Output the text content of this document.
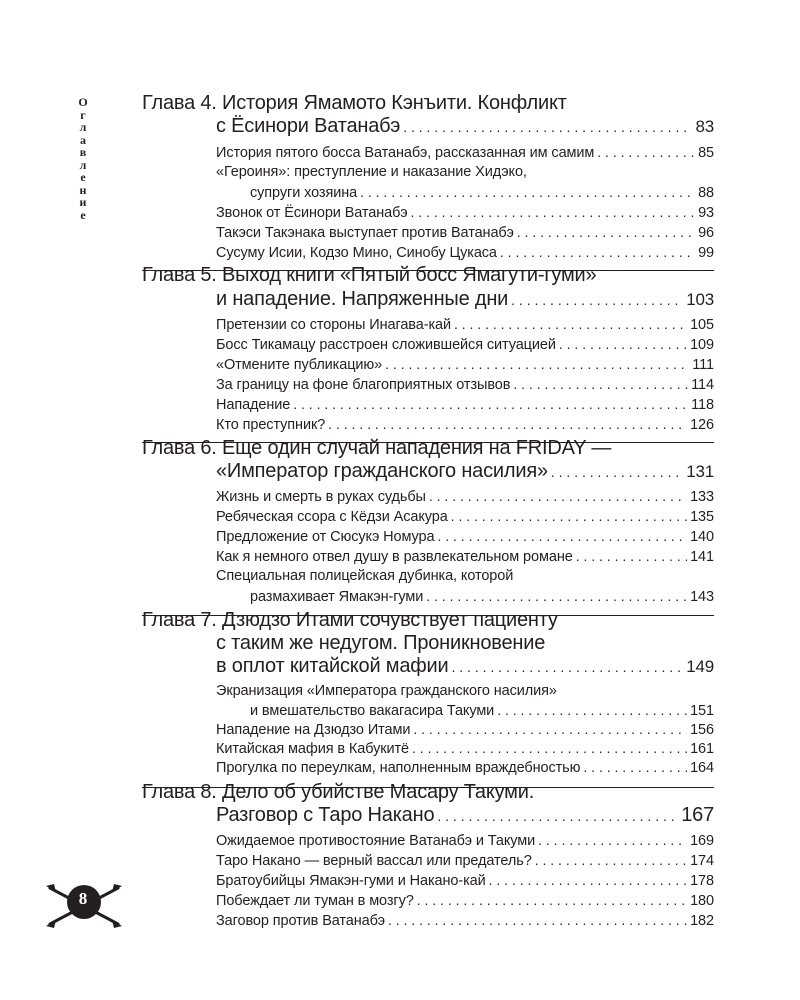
О
г
л
а
в
л
е
н
и
е
Глава 4. История Ямамото Кэнъити. Конфликт
с Ёсинори Ватанабэ . . .	83
История пятого босса Ватанабэ, рассказанная им самим . . .	85
«Героиня»: преступление и наказание Хидэко,
супруги хозяина . . .	88
Звонок от Ёсинори Ватанабэ . . .	93
Такэси Такэнака выступает против Ватанабэ . . .	96
Сусуму Исии, Кодзо Мино, Синобу Цукаса . . .	99
Глава 5. Выход книги «Пятый босс Ямагути-гуми»
и нападение. Напряженные дни . . .	103
Претензии со стороны Инагава-кай . . .	105
Босс Тикамацу расстроен сложившейся ситуацией . . .	109
«Отмените публикацию» . . .	111
За границу на фоне благоприятных отзывов . . .	114
Нападение . . .	118
Кто преступник? . . .	126
Глава 6. Еще один случай нападения на FRIDAY —
«Император гражданского насилия» . . .	131
Жизнь и смерть в руках судьбы . . .	133
Ребяческая ссора с Кёдзи Асакура . . .	135
Предложение от Сюсукэ Номура . . .	140
Как я немного отвел душу в развлекательном романе . . .	141
Специальная полицейская дубинка, которой
размахивает Ямакэн-гуми . . .	143
Глава 7. Дзюдзо Итами сочувствует пациенту
с таким же недугом. Проникновение
в оплот китайской мафии . . .	149
Экранизация «Императора гражданского насилия»
и вмешательство вакагасира Такуми . . .	151
Нападение на Дзюдзо Итами . . .	156
Китайская мафия в Кабукитё . . .	161
Прогулка по переулкам, наполненным враждебностью . . .	164
Глава 8. Дело об убийстве Масару Такуми.
Разговор с Таро Накано . . .	167
Ожидаемое противостояние Ватанабэ и Такуми . . .	169
Таро Накано — верный вассал или предатель? . . .	174
Братоубийцы Ямакэн-гуми и Накано-кай . . .	178
Побеждает ли туман в мозгу? . . .	180
Заговор против Ватанабэ . . .	182
8
